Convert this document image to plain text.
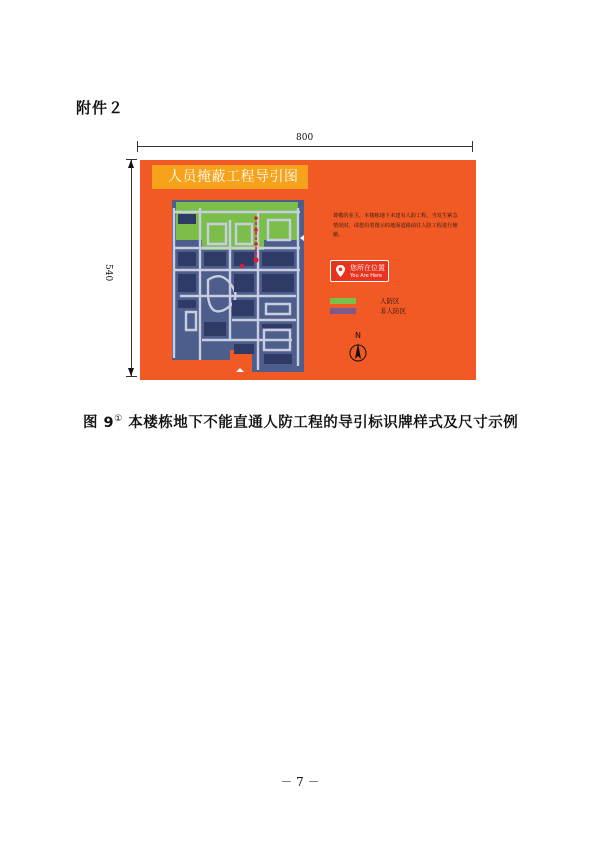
附件２
800
540
人员掩蔽工程导引图
尊敬的业主，本楼栋地下未建有人防工程，当发生紧急情况时，请您沿着图示的地面道路前往人防工程进行掩蔽。
您所在位置
You Are Here
人防区
非人防区
N
图 9① 本楼栋地下不能直通人防工程的导引标识牌样式及尺寸示例
－ 7 －
